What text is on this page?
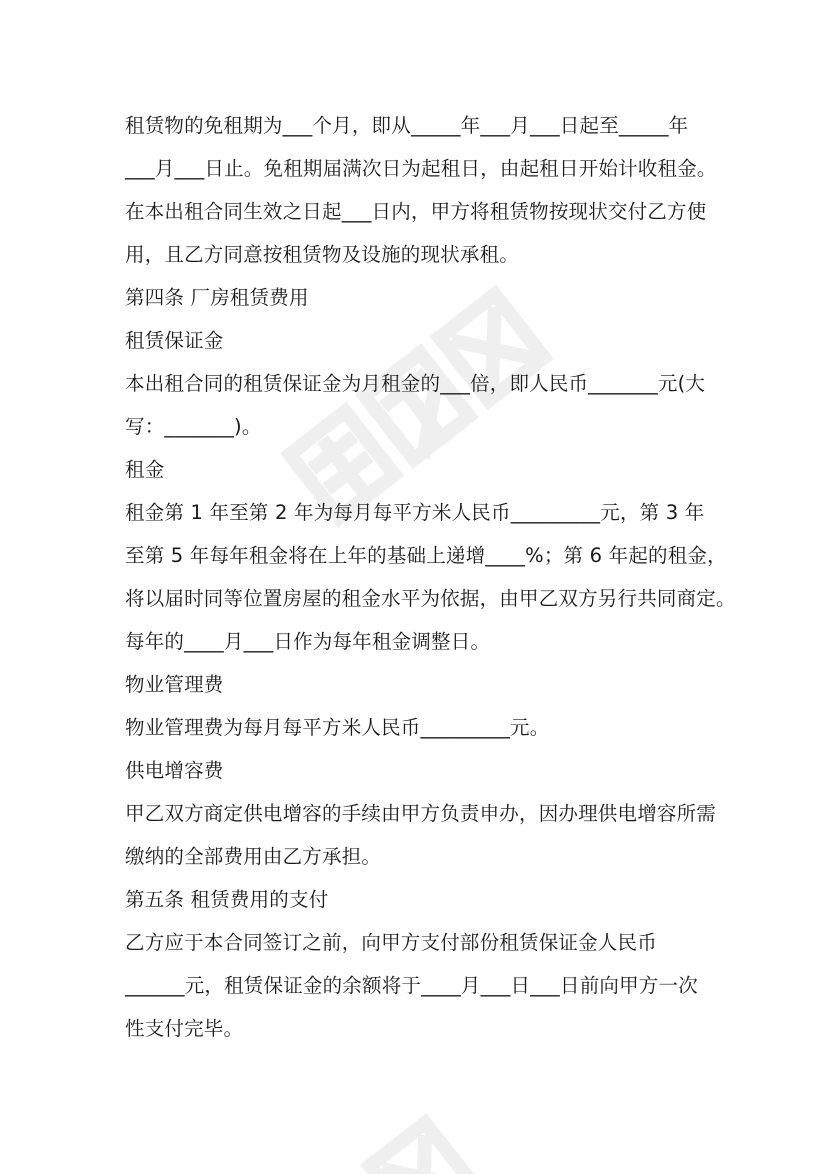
租赁物的免租期为___个月，即从_____年___月___日起至_____年
___月___日止。免租期届满次日为起租日，由起租日开始计收租金。
在本出租合同生效之日起___日内，甲方将租赁物按现状交付乙方使
用，且乙方同意按租赁物及设施的现状承租。
第四条 厂房租赁费用
租赁保证金
本出租合同的租赁保证金为月租金的___倍，即人民币_______元(大
写：_______)。
租金
租金第 1 年至第 2 年为每月每平方米人民币_________元，第 3 年
至第 5 年每年租金将在上年的基础上递增____%；第 6 年起的租金，
将以届时同等位置房屋的租金水平为依据，由甲乙双方另行共同商定。
每年的____月___日作为每年租金调整日。
物业管理费
物业管理费为每月每平方米人民币_________元。
供电增容费
甲乙双方商定供电增容的手续由甲方负责申办，因办理供电增容所需
缴纳的全部费用由乙方承担。
第五条 租赁费用的支付
乙方应于本合同签订之前，向甲方支付部份租赁保证金人民币
______元，租赁保证金的余额将于____月___日___日前向甲方一次
性支付完毕。
